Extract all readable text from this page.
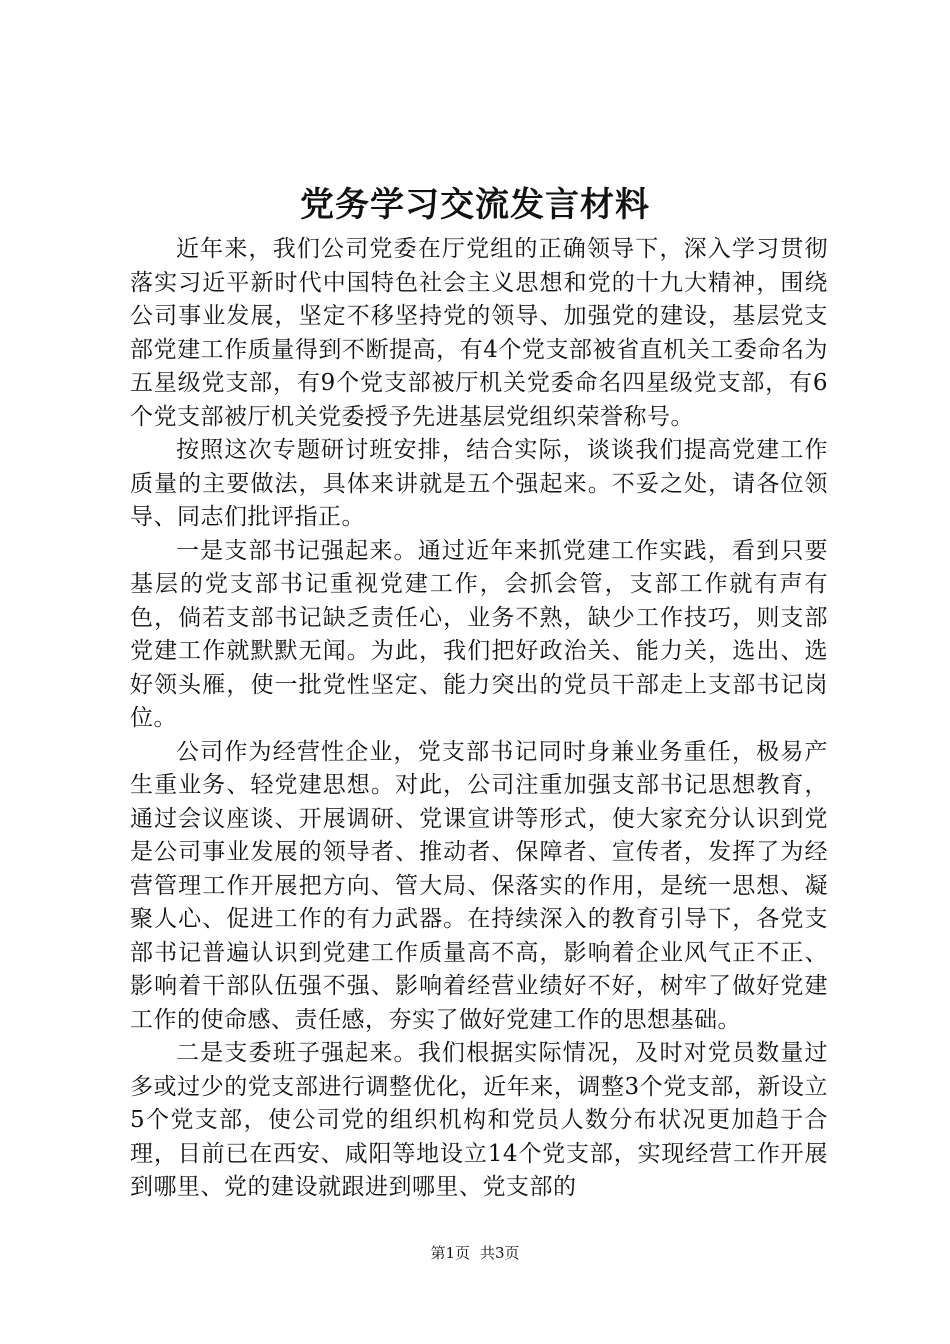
党务学习交流发言材料

近年来，我们公司党委在厅党组的正确领导下，深入学习贯彻落实习近平新时代中国特色社会主义思想和党的十九大精神，围绕公司事业发展，坚定不移坚持党的领导、加强党的建设，基层党支部党建工作质量得到不断提高，有4个党支部被省直机关工委命名为五星级党支部，有9个党支部被厅机关党委命名四星级党支部，有6个党支部被厅机关党委授予先进基层党组织荣誉称号。

按照这次专题研讨班安排，结合实际，谈谈我们提高党建工作质量的主要做法，具体来讲就是五个强起来。不妥之处，请各位领导、同志们批评指正。

一是支部书记强起来。通过近年来抓党建工作实践，看到只要基层的党支部书记重视党建工作，会抓会管，支部工作就有声有色，倘若支部书记缺乏责任心，业务不熟，缺少工作技巧，则支部党建工作就默默无闻。为此，我们把好政治关、能力关，选出、选好领头雁，使一批党性坚定、能力突出的党员干部走上支部书记岗位。

公司作为经营性企业，党支部书记同时身兼业务重任，极易产生重业务、轻党建思想。对此，公司注重加强支部书记思想教育，通过会议座谈、开展调研、党课宣讲等形式，使大家充分认识到党是公司事业发展的领导者、推动者、保障者、宣传者，发挥了为经营管理工作开展把方向、管大局、保落实的作用，是统一思想、凝聚人心、促进工作的有力武器。在持续深入的教育引导下，各党支部书记普遍认识到党建工作质量高不高，影响着企业风气正不正、影响着干部队伍强不强、影响着经营业绩好不好，树牢了做好党建工作的使命感、责任感，夯实了做好党建工作的思想基础。

二是支委班子强起来。我们根据实际情况，及时对党员数量过多或过少的党支部进行调整优化，近年来，调整3个党支部，新设立5个党支部，使公司党的组织机构和党员人数分布状况更加趋于合理，目前已在西安、咸阳等地设立14个党支部，实现经营工作开展到哪里、党的建设就跟进到哪里、党支部的

第1页 共3页
